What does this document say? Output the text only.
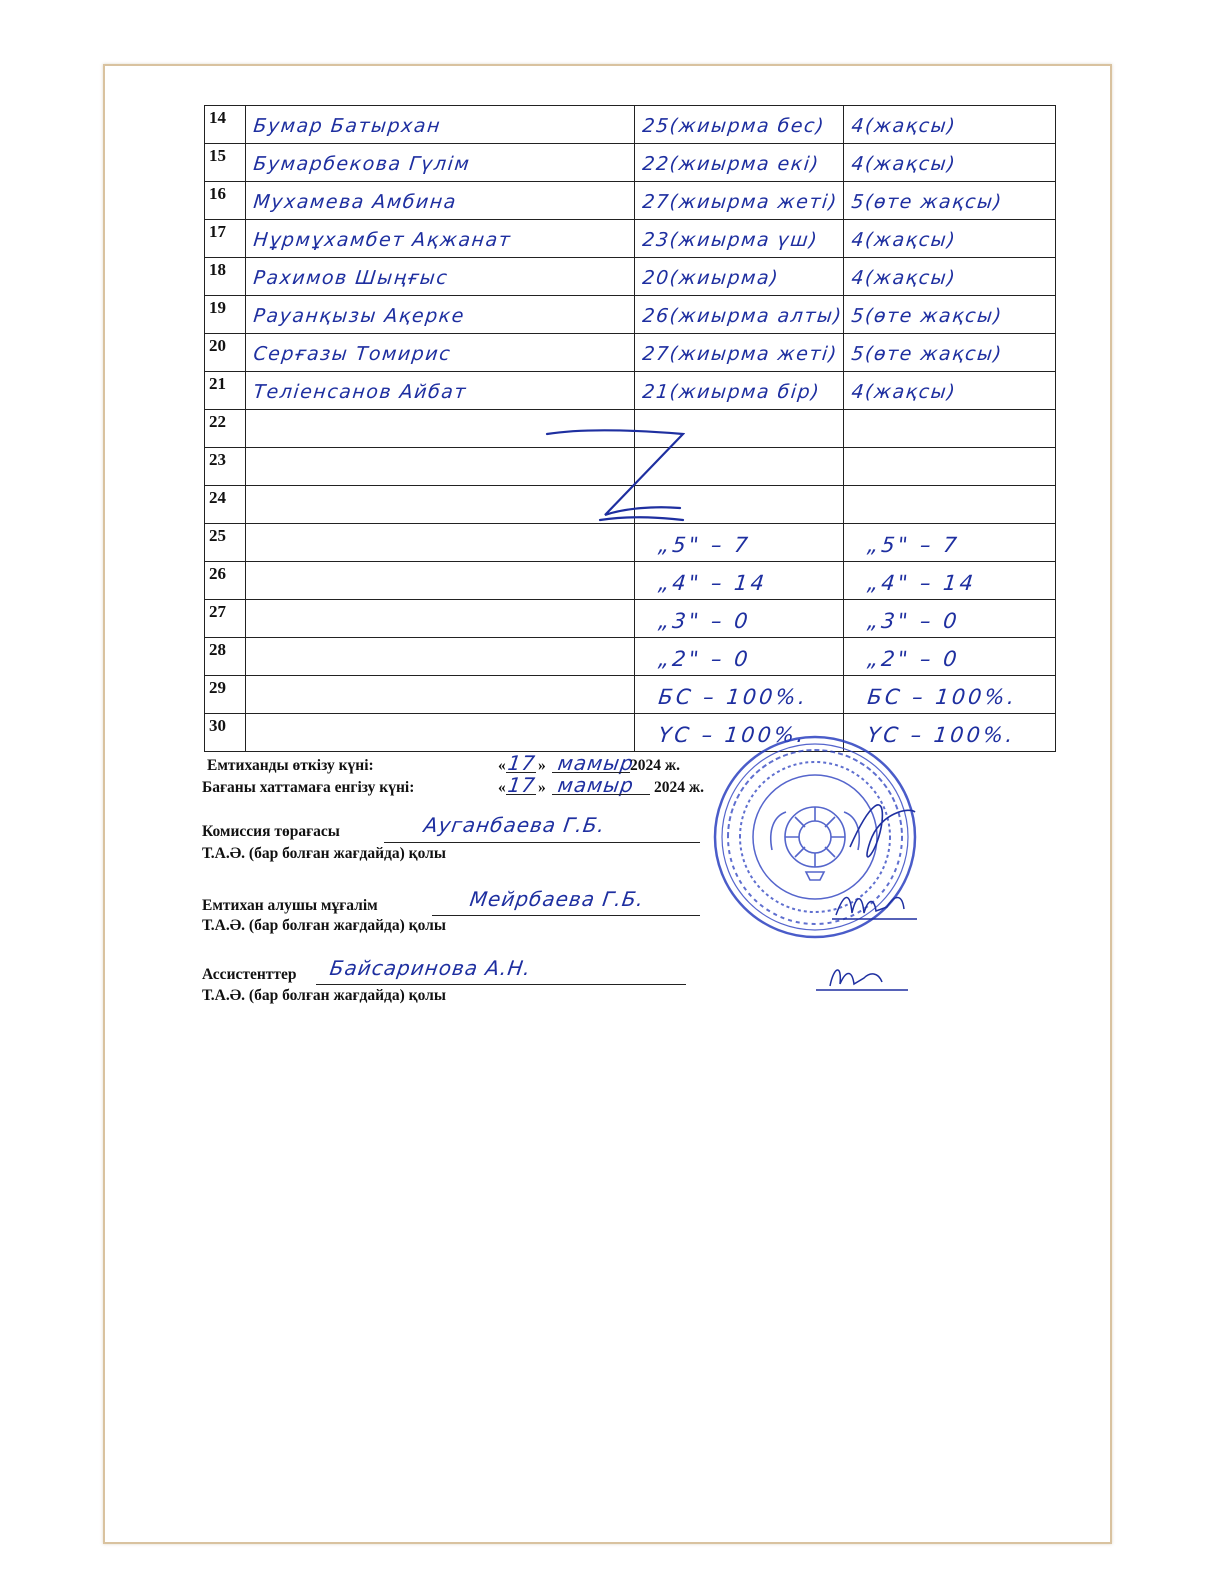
14	Бумар Батырхан	25(жиырма бес)	4(жақсы)
15	Бумарбекова Гүлім	22(жиырма екі)	4(жақсы)
16	Мухамева Амбина	27(жиырма жеті)	5(өте жақсы)
17	Нұрмұхамбет Ақжанат	23(жиырма үш)	4(жақсы)
18	Рахимов Шыңғыс	20(жиырма)	4(жақсы)
19	Рауанқызы Ақерке	26(жиырма алты)	5(өте жақсы)
20	Серғазы Томирис	27(жиырма жеті)	5(өте жақсы)
21	Теліенсанов Айбат	21(жиырма бір)	4(жақсы)
22			
23			
24			
25		„5" – 7	„5" – 7
26		„4" – 14	„4" – 14
27		„3" – 0	„3" – 0
28		„2" – 0	„2" – 0
29		БС – 100%.	БС – 100%.
30		ҮС – 100%.	ҮС – 100%.
Емтиханды өткізу күні:	« 17 » мамыр
2024 ж.
Бағаны хаттамаға енгізу күні:	« 17 » мамыр 2024 ж.
Комиссия төрағасы	Ауганбаева Г.Б.
Т.А.Ә. (бар болған жағдайда) қолы
Емтихан алушы мұғалім	Мейрбаева Г.Б.
Т.А.Ә. (бар болған жағдайда) қолы
Ассистенттер Байсаринова А.Н.
Т.А.Ә. (бар болған жағдайда) қолы
